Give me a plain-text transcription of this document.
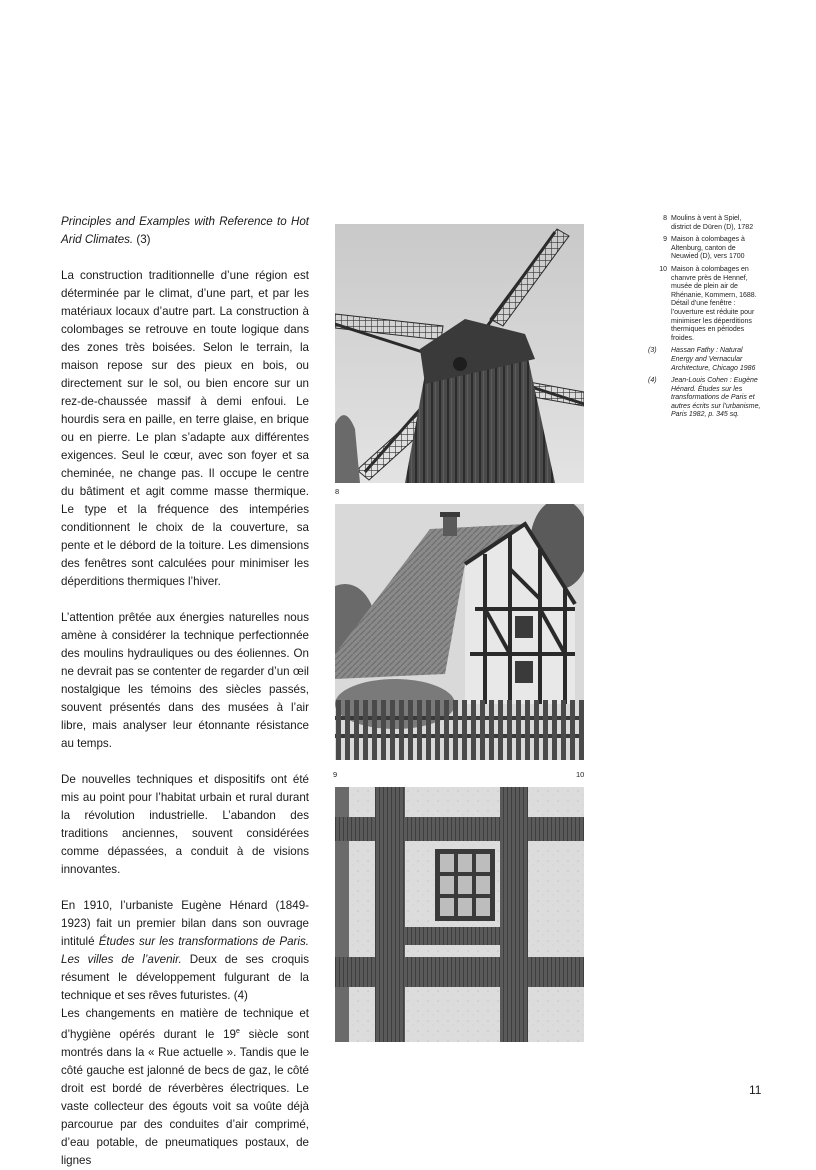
Principles and Examples with Reference to Hot Arid Climates. (3)

La construction traditionnelle d’une région est déterminée par le climat, d’une part, et par les matériaux locaux d’autre part. La construction à colombages se retrouve en toute logique dans des zones très boisées. Selon le terrain, la maison repose sur des pieux en bois, ou directement sur le sol, ou bien encore sur un rez-de-chaussée massif à demi enfoui. Le hourdis sera en paille, en terre glaise, en brique ou en pierre. Le plan s’adapte aux différentes exigences. Seul le cœur, avec son foyer et sa cheminée, ne change pas. Il occupe le centre du bâtiment et agit comme masse thermique. Le type et la fréquence des intempéries conditionnent le choix de la couverture, sa pente et le débord de la toiture. Les dimensions des fenêtres sont calculées pour minimiser les déperditions thermiques l’hiver.

L’attention prêtée aux énergies naturelles nous amène à considérer la technique perfectionnée des moulins hydrauliques ou des éoliennes. On ne devrait pas se contenter de regarder d’un œil nostalgique les témoins des siècles passés, souvent présentés dans des musées à l’air libre, mais analyser leur étonnante résistance au temps.

De nouvelles techniques et dispositifs ont été mis au point pour l’habitat urbain et rural durant la révolution industrielle. L’abandon des traditions anciennes, souvent considérées comme dépassées, a conduit à de visions innovantes.

En 1910, l’urbaniste Eugène Hénard (1849-1923) fait un premier bilan dans son ouvrage intitulé Études sur les transformations de Paris. Les villes de l’avenir. Deux de ses croquis résument le développement fulgurant de la technique et ses rêves futuristes. (4)

Les changements en matière de technique et d’hygiène opérés durant le 19e siècle sont montrés dans la « Rue actuelle ». Tandis que le côté gauche est jalonné de becs de gaz, le côté droit est bordé de réverbères électriques. Le vaste collecteur des égouts voit sa voûte déjà parcourue par des conduites d’air comprimé, d’eau potable, de pneumatiques postaux, de lignes

8
9	10
8 Moulins à vent à Spiel, district de Düren (D), 1782
9 Maison à colombages à Altenburg, canton de Neuwied (D), vers 1700
10 Maison à colombages en chanvre près de Hennef, musée de plein air de Rhénanie, Kommern, 1688. Détail d’une fenêtre : l’ouverture est réduite pour minimiser les déperditions thermiques en périodes froides.
(3)	Hassan Fathy : Natural Energy and Vernacular Architecture, Chicago 1986
(4)	Jean-Louis Cohen : Eugène Hénard. Études sur les transformations de Paris et autres écrits sur l’urbanisme, Paris 1982, p. 345 sq.
11
